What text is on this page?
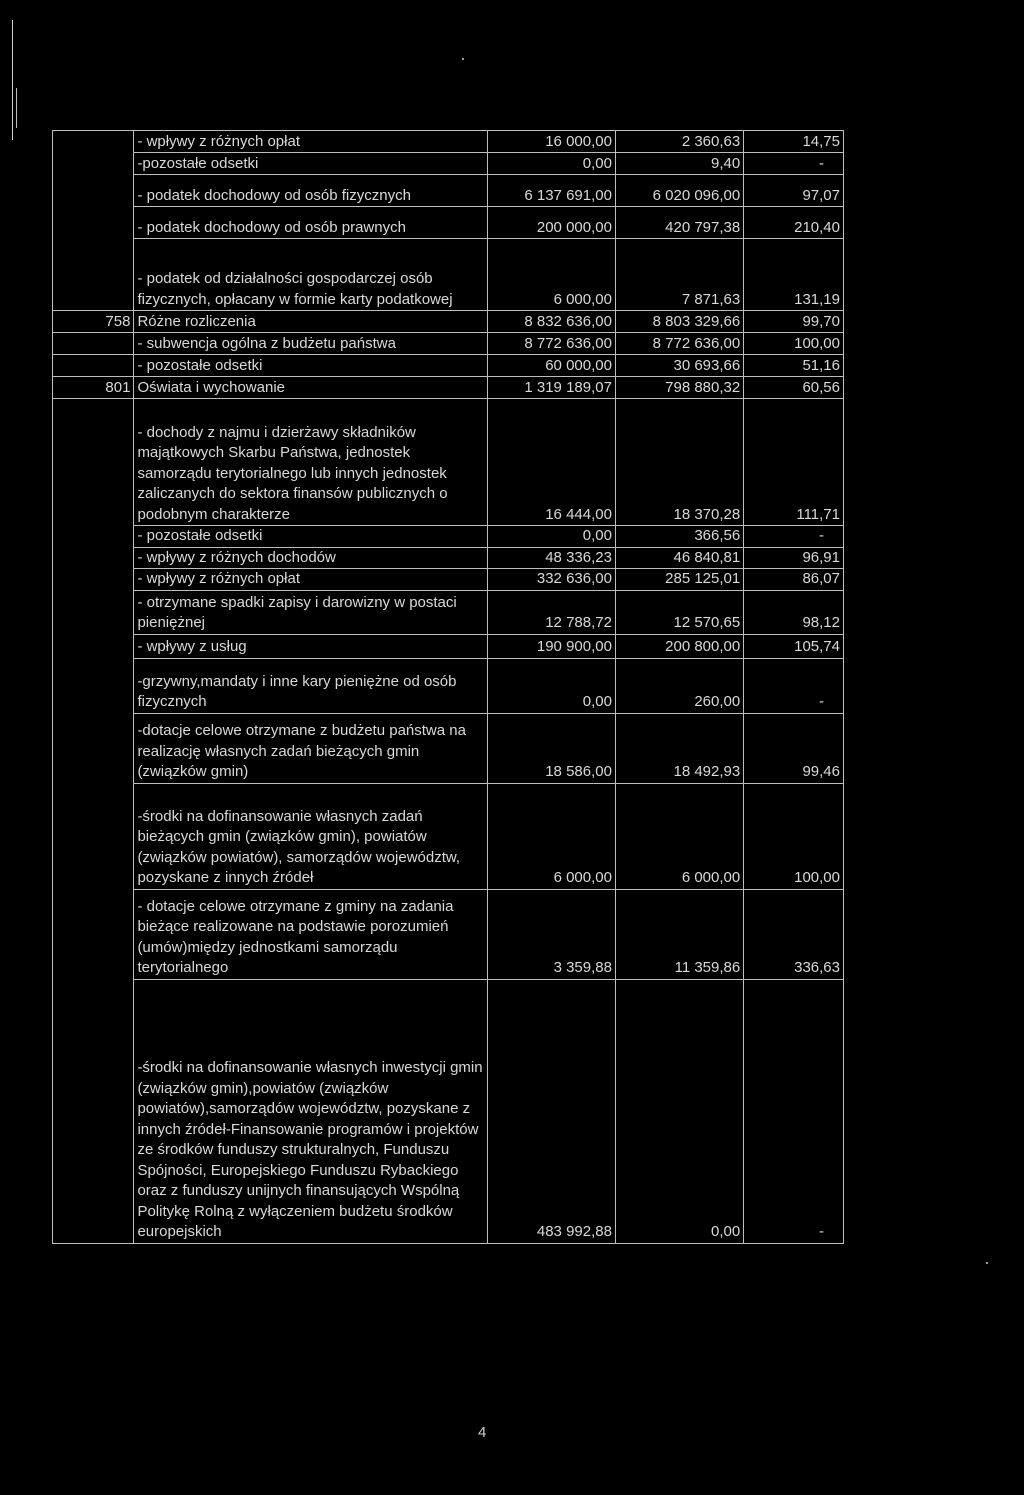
	- wpływy z różnych opłat	16 000,00	2 360,63	14,75
	-pozostałe odsetki	0,00	9,40	-
	- podatek dochodowy od osób fizycznych	6 137 691,00	6 020 096,00	97,07
	- podatek dochodowy od osób prawnych	200 000,00	420 797,38	210,40
	- podatek od działalności gospodarczej osób fizycznych, opłacany w formie karty podatkowej	6 000,00	7 871,63	131,19
758	Różne rozliczenia	8 832 636,00	8 803 329,66	99,70
	- subwencja ogólna z budżetu państwa	8 772 636,00	8 772 636,00	100,00
	- pozostałe odsetki	60 000,00	30 693,66	51,16
801	Oświata i wychowanie	1 319 189,07	798 880,32	60,56
	- dochody z najmu i dzierżawy składników majątkowych Skarbu Państwa, jednostek samorządu terytorialnego lub innych jednostek zaliczanych do sektora finansów publicznych o podobnym charakterze	16 444,00	18 370,28	111,71
	- pozostałe odsetki	0,00	366,56	-
	- wpływy z różnych dochodów	48 336,23	46 840,81	96,91
	- wpływy z różnych opłat	332 636,00	285 125,01	86,07
	- otrzymane spadki zapisy i darowizny w postaci pieniężnej	12 788,72	12 570,65	98,12
	- wpływy z usług	190 900,00	200 800,00	105,74
	-grzywny,mandaty i inne kary pieniężne od osób fizycznych	0,00	260,00	-
	-dotacje celowe otrzymane z budżetu państwa na realizację własnych zadań bieżących gmin (związków gmin)	18 586,00	18 492,93	99,46
	-środki na dofinansowanie własnych zadań bieżących gmin (związków gmin), powiatów (związków powiatów), samorządów województw, pozyskane z innych źródeł	6 000,00	6 000,00	100,00
	- dotacje celowe otrzymane z gminy na zadania bieżące realizowane na podstawie porozumień (umów)między jednostkami samorządu terytorialnego	3 359,88	11 359,86	336,63
	-środki na dofinansowanie własnych inwestycji gmin (związków gmin),powiatów (związków powiatów),samorządów województw, pozyskane z innych źródeł-Finansowanie programów i projektów ze środków funduszy strukturalnych, Funduszu Spójności, Europejskiego Funduszu Rybackiego oraz z funduszy unijnych finansujących Wspólną Politykę Rolną z wyłączeniem budżetu środków europejskich	483 992,88	0,00	-
4
